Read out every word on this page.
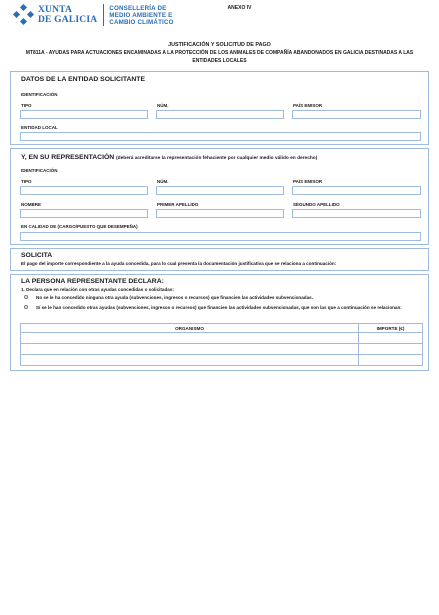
XUNTA
DE GALICIA
CONSELLERÍA DE
MEDIO AMBIENTE E
CAMBIO CLIMÁTICO
ANEXO IV
JUSTIFICACIÓN Y SOLICITUD DE PAGO
MT811A - AYUDAS PARA ACTUACIONES ENCAMINADAS A LA PROTECCIÓN DE LOS ANIMALES DE COMPAÑÍA ABANDONADOS EN GALICIA DESTINADAS A LAS ENTIDADES LOCALES
DATOS DE LA ENTIDAD SOLICITANTE
IDENTIFICACIÓN
TIPO	NÚM.	PAÍS EMISOR
ENTIDAD LOCAL
Y, EN SU REPRESENTACIÓN (deberá acreditarse la representación fehaciente por cualquier medio válido en derecho)
IDENTIFICACIÓN
TIPO	NÚM.	PAÍS EMISOR
NOMBRE	PRIMER APELLIDO	SEGUNDO APELLIDO
EN CALIDAD DE (CARGO/PUESTO QUE DESEMPEÑA)
SOLICITA
El pago del importe correspondiente a la ayuda concedida, para lo cual presenta la documentación justificativa que se relaciona a continuación:
LA PERSONA REPRESENTANTE DECLARA:
1. Declara que en relación con otras ayudas concedidas o solicitadas:
No se le ha concedido ninguna otra ayuda (subvenciones, ingresos o recursos) que financien las actividades subvencionadas.
Sí se le han concedido otras ayudas (subvenciones, ingresos o recursos) que financien las actividades subvencionadas, que son las que a continuación se relacionan:
ORGANISMO	IMPORTE (€)
